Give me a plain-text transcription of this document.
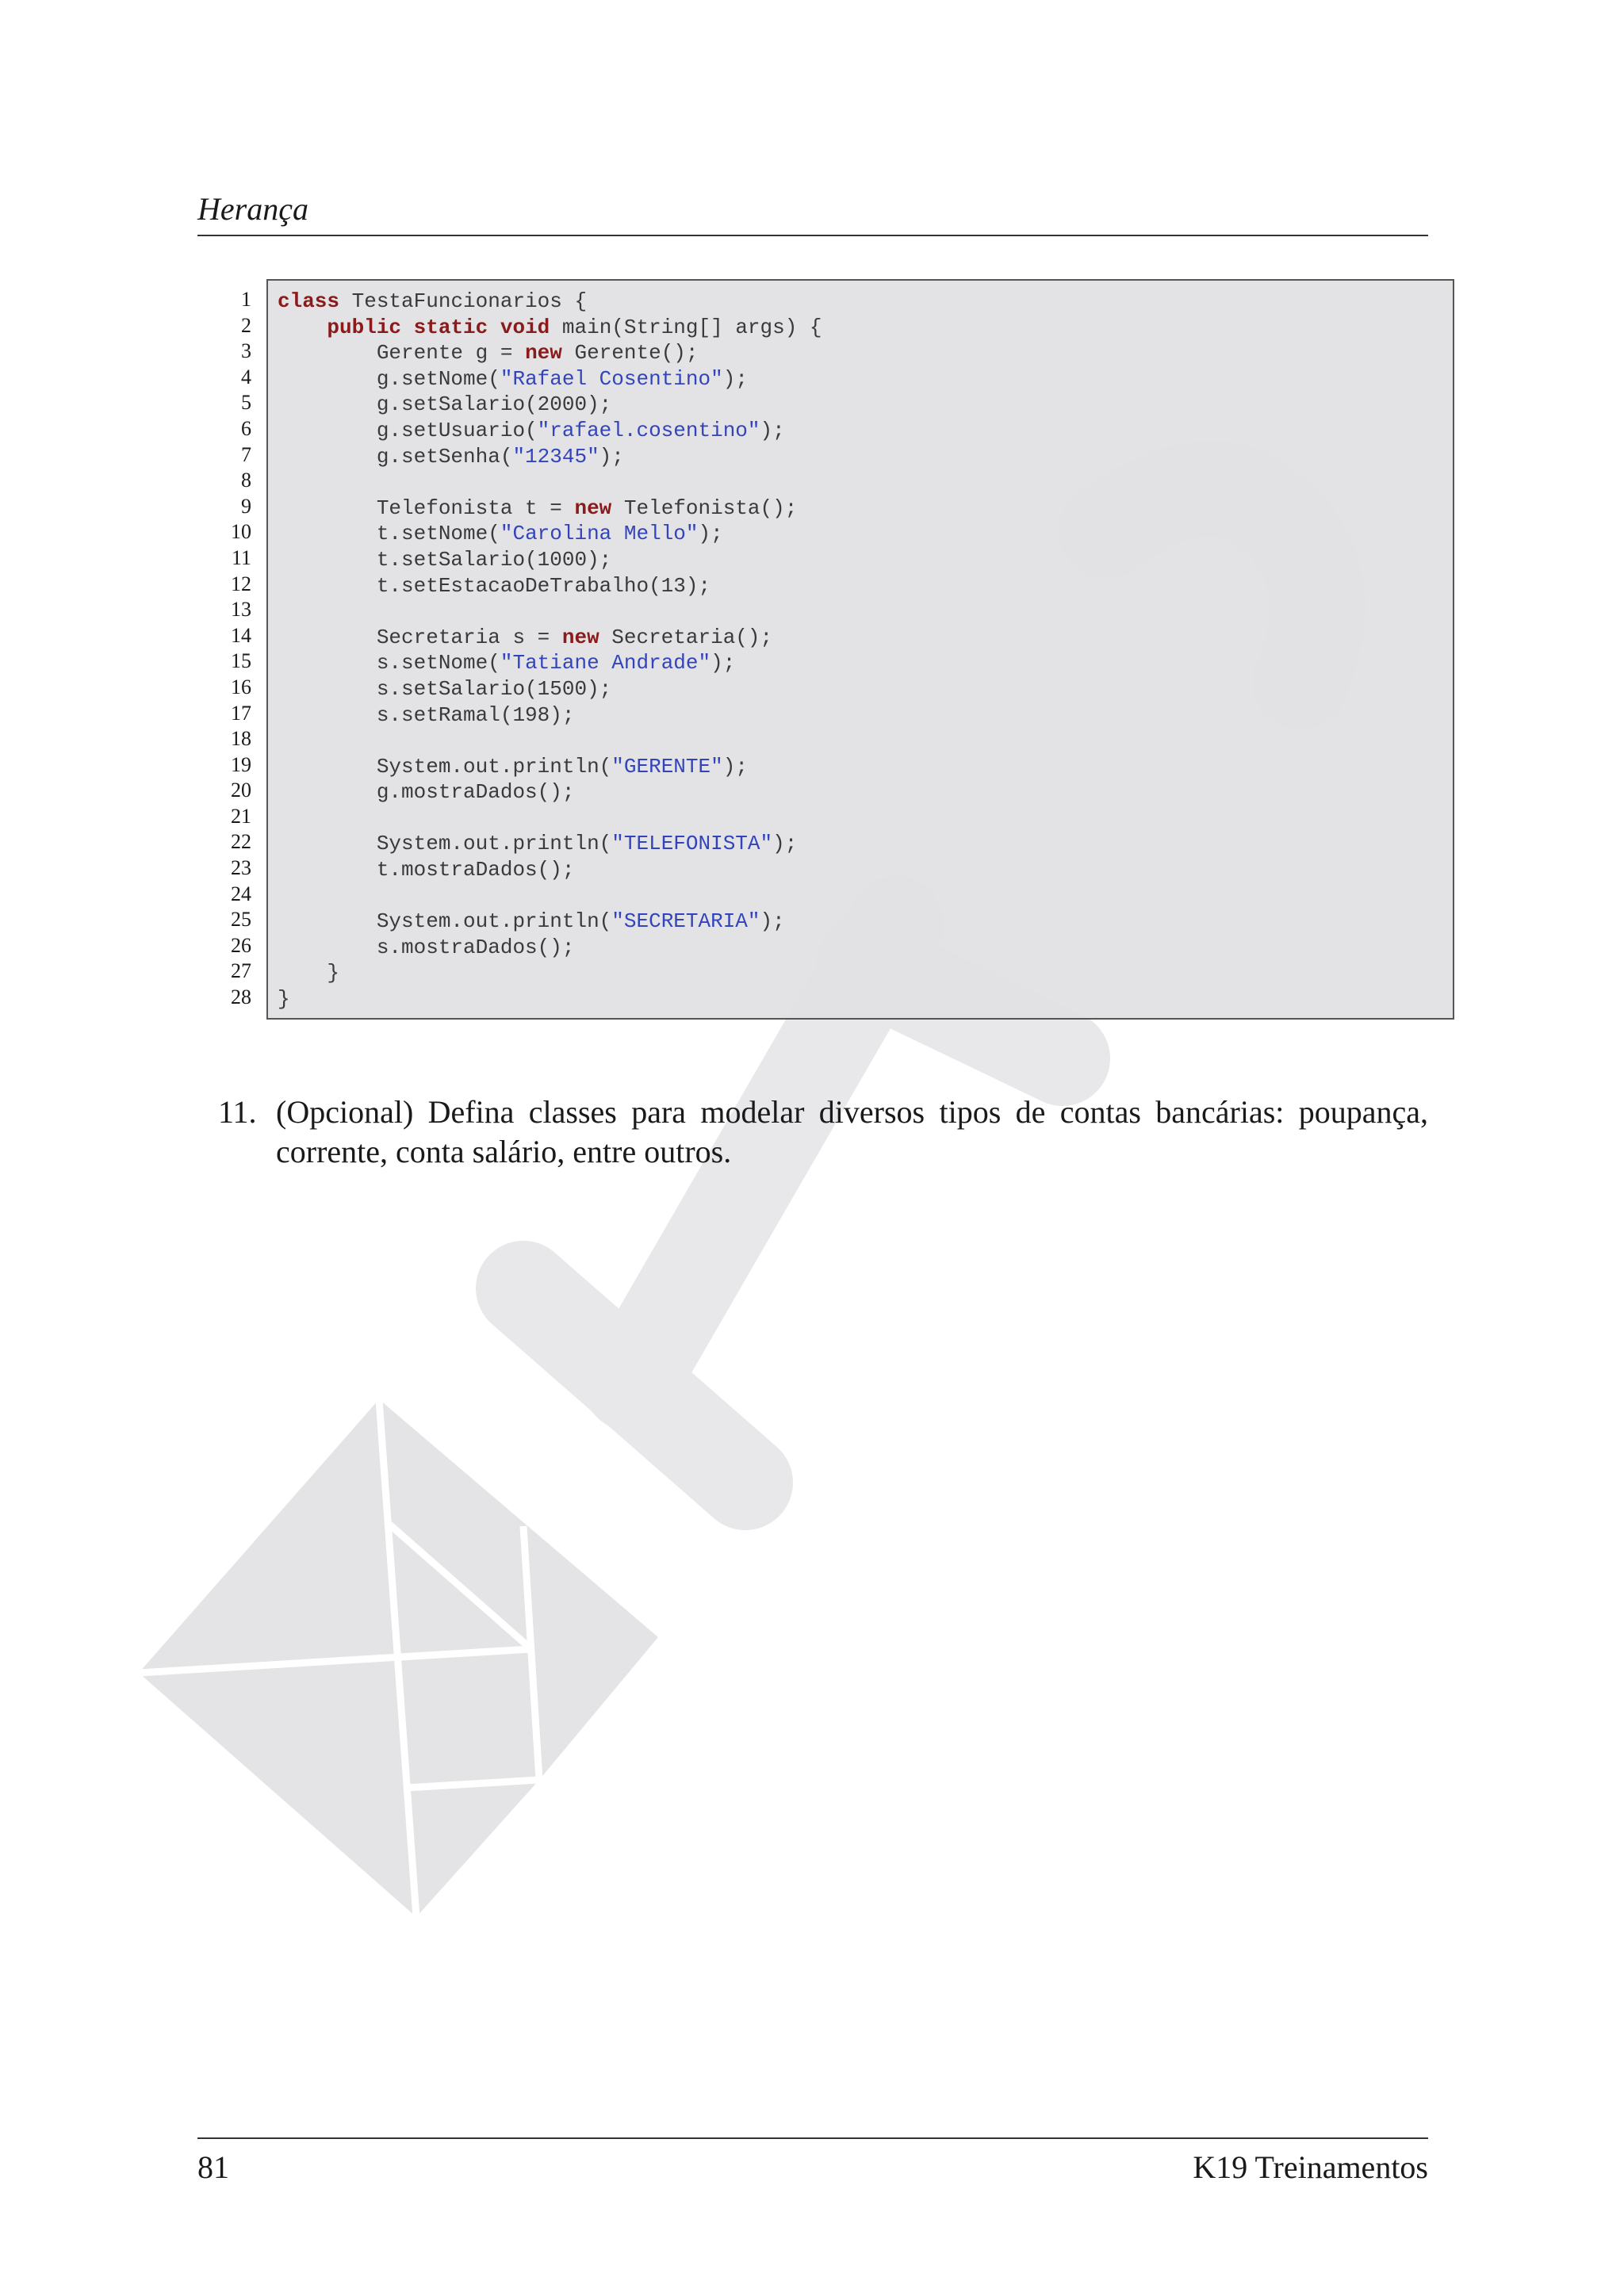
Herança
1
2
3
4
5
6
7
8
9
10
11
12
13
14
15
16
17
18
19
20
21
22
23
24
25
26
27
28
class TestaFuncionarios {
public static void main(String[] args) {
Gerente g = new Gerente();
g.setNome("Rafael Cosentino");
g.setSalario(2000);
g.setUsuario("rafael.cosentino");
g.setSenha("12345");
Telefonista t = new Telefonista();
t.setNome("Carolina Mello");
t.setSalario(1000);
t.setEstacaoDeTrabalho(13);
Secretaria s = new Secretaria();
s.setNome("Tatiane Andrade");
s.setSalario(1500);
s.setRamal(198);
System.out.println("GERENTE");
g.mostraDados();
System.out.println("TELEFONISTA");
t.mostraDados();
System.out.println("SECRETARIA");
s.mostraDados();
}
}
11. (Opcional) Defina classes para modelar diversos tipos de contas bancárias: poupança, corrente, conta salário, entre outros.
81	K19 Treinamentos
